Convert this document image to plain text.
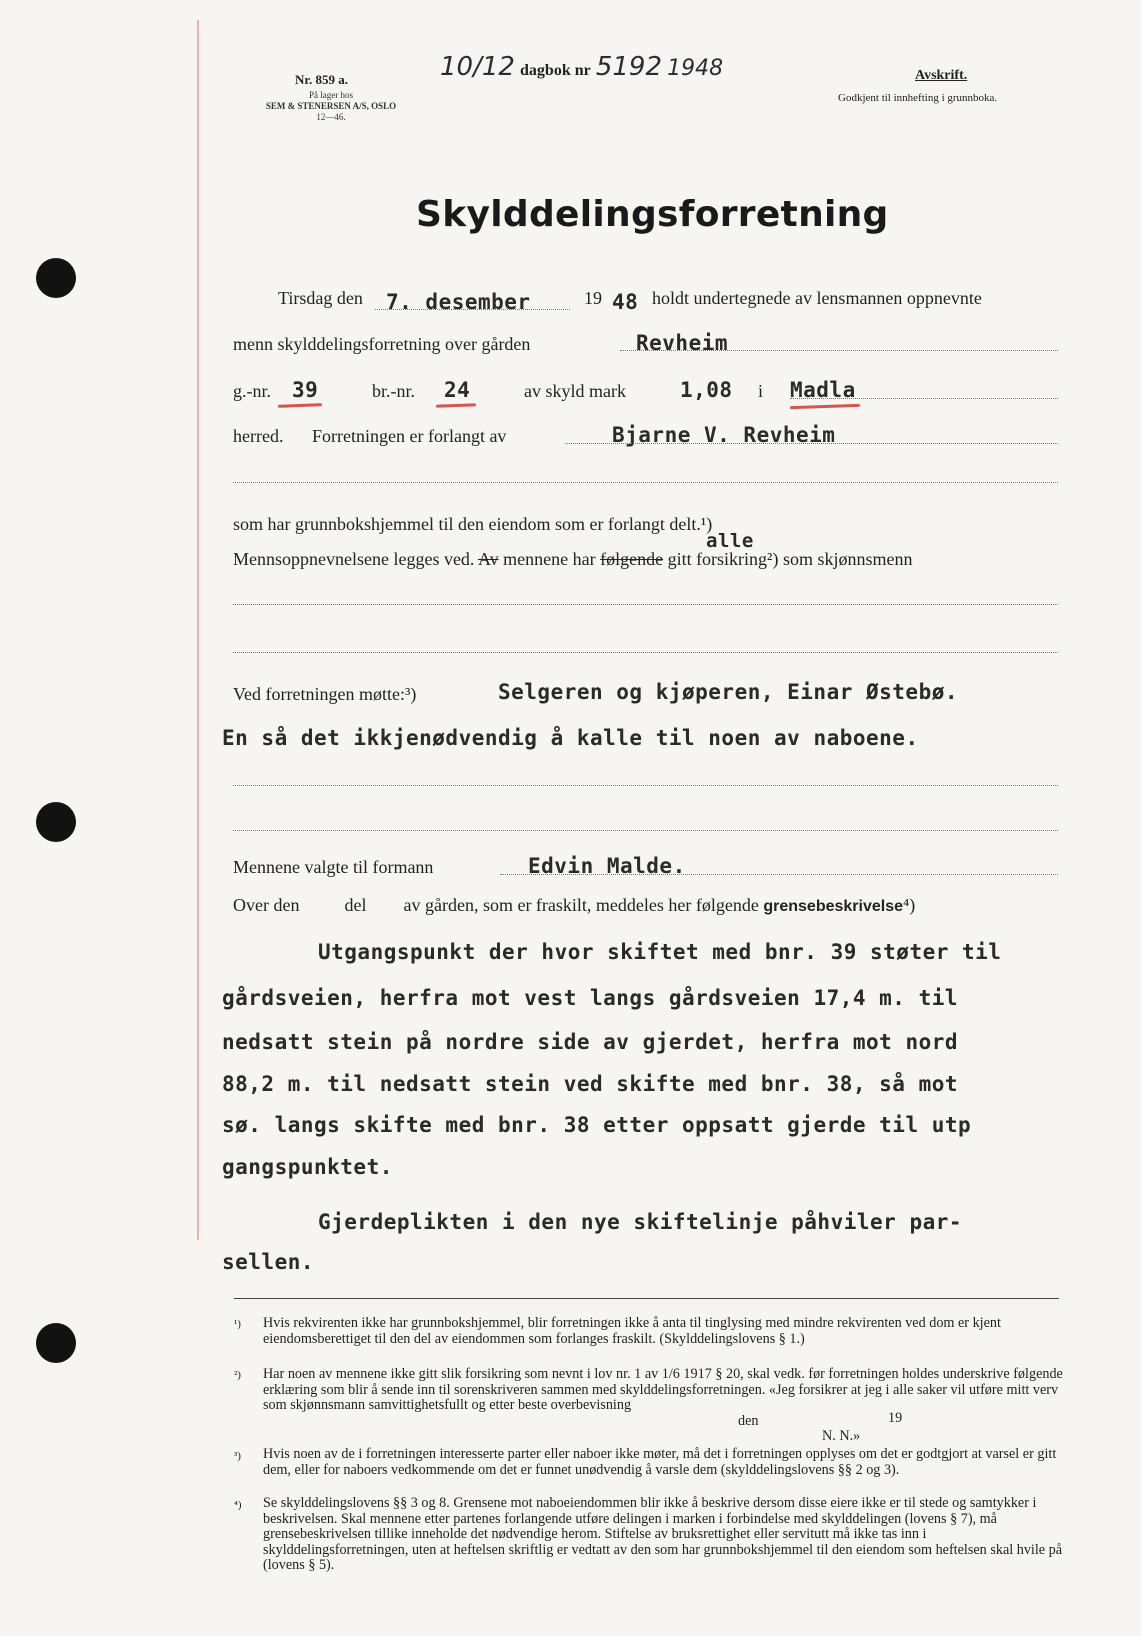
Nr. 859 a.
På lager hos
SEM & STENERSEN A/S, OSLO
12—46.
10/12 dagbok nr 5192 1948	Avskrift.
Godkjent til innhefting i grunnboka.
Skylddelingsforretning
Tirsdag den 7. desember	19 48 holdt undertegnede av lensmannen oppnevnte
menn skylddelingsforretning over gården	Revheim
g.-nr. 39	br.-nr. 24	av skyld mark	1,08 i Madla
herred. Forretningen er forlangt av	Bjarne V. Revheim
som har grunnbokshjemmel til den eiendom som er forlangt delt.¹)
Mennsoppnevnelsene legges ved. Av mennene har følgende gitt forsikring²) som skjønnsmenn
alle
Ved forretningen møtte:³)	Selgeren og kjøperen, Einar Østebø.
En så det ikkjenødvendig å kalle til noen av naboene.
Mennene valgte til formann	Edvin Malde.
Over den	del av gården, som er fraskilt, meddeles her følgende grensebeskrivelse⁴)
Utgangspunkt der hvor skiftet med bnr. 39 støter til
gårdsveien, herfra mot vest langs gårdsveien 17,4 m. til
nedsatt stein på nordre side av gjerdet, herfra mot nord
88,2 m. til nedsatt stein ved skifte med bnr. 38, så mot
sø. langs skifte med bnr. 38 etter oppsatt gjerde til utp
gangspunktet.
Gjerdeplikten i den nye skiftelinje påhviler par-
sellen.
¹) Hvis rekvirenten ikke har grunnbokshjemmel, blir forretningen ikke å anta til tinglysing med mindre rekvirenten ved dom er kjent eiendomsberettiget til den del av eiendommen som forlanges fraskilt. (Skylddelingslovens § 1.)
²) Har noen av mennene ikke gitt slik forsikring som nevnt i lov nr. 1 av 1/6 1917 § 20, skal vedk. før forretningen holdes underskrive følgende erklæring som blir å sende inn til sorenskriveren sammen med skylddelingsforretningen. «Jeg forsikrer at jeg i alle saker vil utføre mitt verv som skjønnsmann samvittighetsfullt og etter beste overbevisning
den	19
N. N.»
³) Hvis noen av de i forretningen interesserte parter eller naboer ikke møter, må det i forretningen opplyses om det er godtgjort at varsel er gitt dem, eller for naboers vedkommende om det er funnet unødvendig å varsle dem (skylddelingslovens §§ 2 og 3).
⁴) Se skylddelingslovens §§ 3 og 8. Grensene mot naboeiendommen blir ikke å beskrive dersom disse eiere ikke er til stede og samtykker i beskrivelsen. Skal mennene etter partenes forlangende utføre delingen i marken i forbindelse med skylddelingen (lovens § 7), må grensebeskrivelsen tillike inneholde det nødvendige herom. Stiftelse av bruksrettighet eller servitutt må ikke tas inn i skylddelingsforretningen, uten at heftelsen skriftlig er vedtatt av den som har grunnbokshjemmel til den eiendom som heftelsen skal hvile på (lovens § 5).
